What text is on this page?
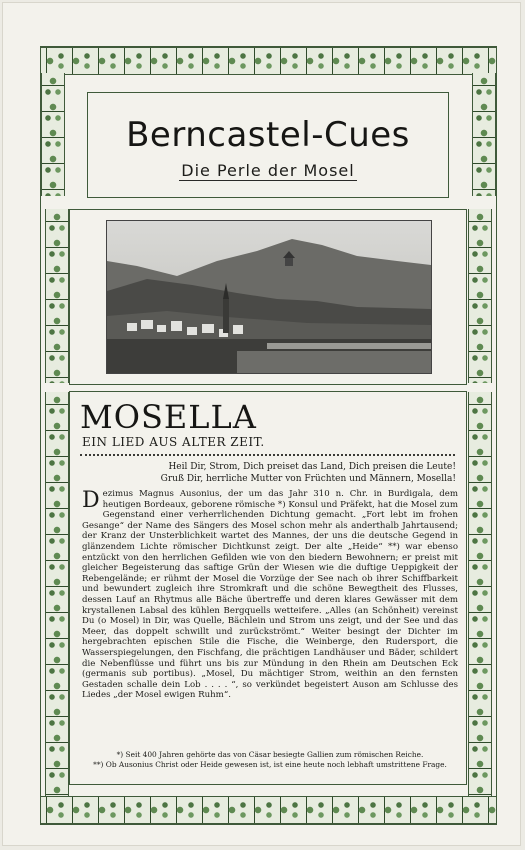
Berncastel-Cues
Die Perle der Mosel
MOSELLA
EIN LIED AUS ALTER ZEIT.
Heil Dir, Strom, Dich preiset das Land, Dich preisen die Leute!
Gruß Dir, herrliche Mutter von Früchten und Männern, Mosella!
Dezimus Magnus Ausonius, der um das Jahr 310 n. Chr. in Burdigala, dem heutigen Bordeaux, geborene römische *) Konsul und Präfekt, hat die Mosel zum Gegenstand einer verherrlichenden Dichtung gemacht. „Fort lebt im frohen Gesange“ der Name des Sängers des Mosel schon mehr als anderthalb Jahrtausend; der Kranz der Unsterblichkeit wartet des Mannes, der uns die deutsche Gegend in glänzendem Lichte römischer Dichtkunst zeigt. Der alte „Heide“ **) war ebenso entzückt von den herrlichen Gefilden wie von den biedern Bewohnern; er preist mit gleicher Begeisterung das saftige Grün der Wiesen wie die duftige Ueppigkeit der Rebengelände; er rühmt der Mosel die Vorzüge der See nach ob ihrer Schiffbarkeit und bewundert zugleich ihre Stromkraft und die schöne Bewegtheit des Flusses, dessen Lauf an Rhytmus alle Bäche übertreffe und deren klares Gewässer mit dem krystallenen Labsal des kühlen Bergquells wetteifere. „Alles (an Schönheit) vereinst Du (o Mosel) in Dir, was Quelle, Bächlein und Strom uns zeigt, und der See und das Meer, das doppelt schwillt und zurückströmt.“ Weiter besingt der Dichter im hergebrachten epischen Stile die Fische, die Weinberge, den Rudersport, die Wasserspiegelungen, den Fischfang, die prächtigen Landhäuser und Bäder, schildert die Nebenflüsse und führt uns bis zur Mündung in den Rhein am Deutschen Eck (germanis sub portibus). „Mosel, Du mächtiger Strom, weithin an den fernsten Gestaden schalle dein Lob . . . . “, so verkündet begeistert Auson am Schlusse des Liedes „der Mosel ewigen Ruhm“.
*) Seit 400 Jahren gehörte das von Cäsar besiegte Gallien zum römischen Reiche.
**) Ob Ausonius Christ oder Heide gewesen ist, ist eine heute noch lebhaft umstrittene Frage.
